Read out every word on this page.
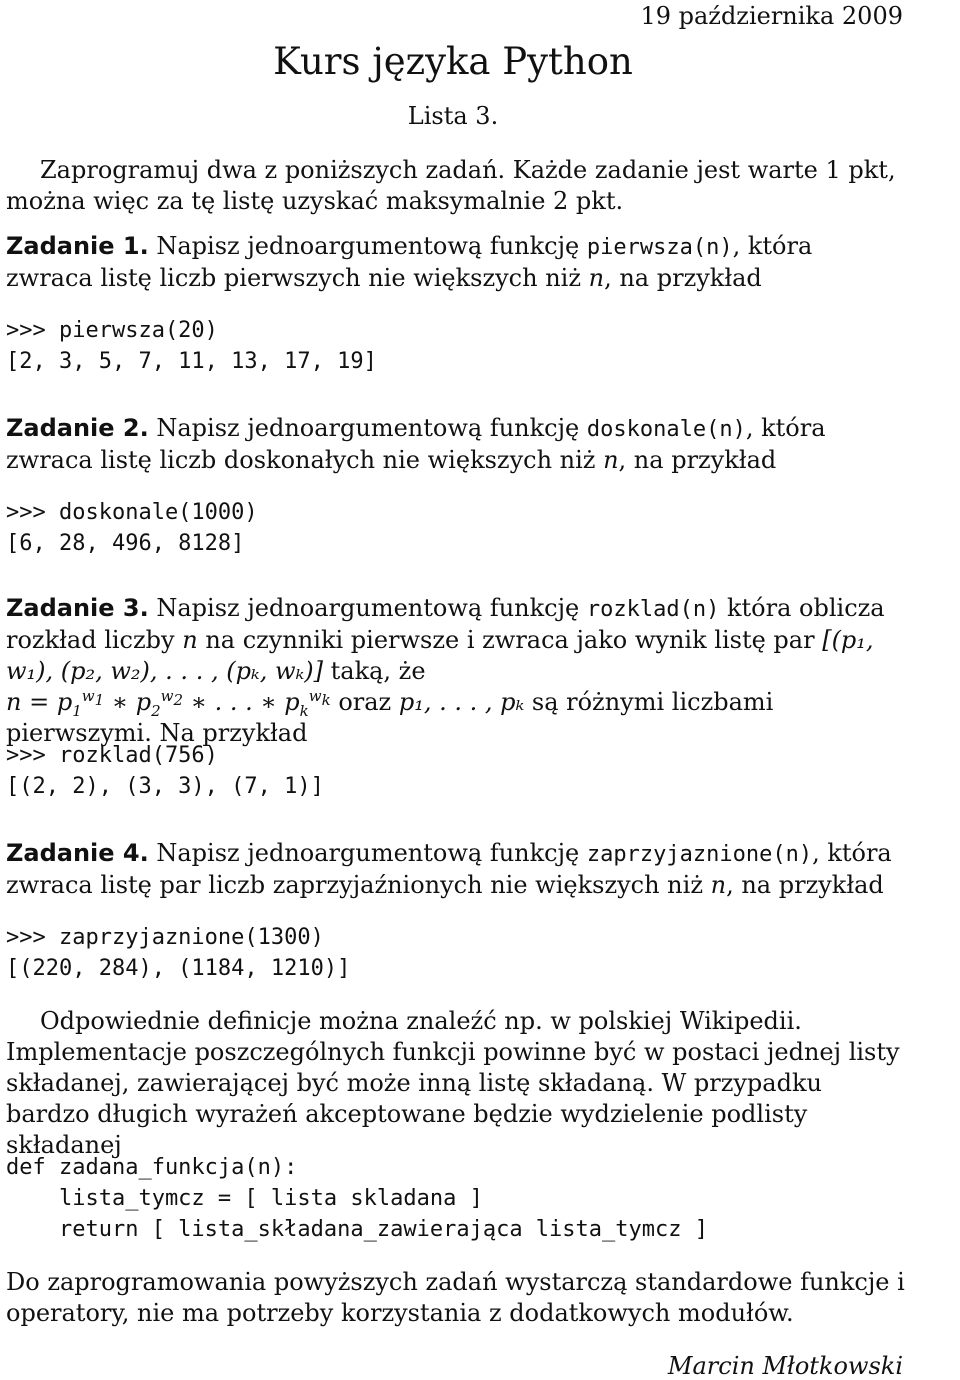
19 października 2009
Kurs języka Python
Lista 3.
Zaprogramuj dwa z poniższych zadań. Każde zadanie jest warte 1 pkt, można więc za tę listę uzyskać maksymalnie 2 pkt.
Zadanie 1. Napisz jednoargumentową funkcję pierwsza(n), która zwraca listę liczb pierwszych nie większych niż n, na przykład
>>> pierwsza(20)
[2, 3, 5, 7, 11, 13, 17, 19]
Zadanie 2. Napisz jednoargumentową funkcję doskonale(n), która zwraca listę liczb doskonałych nie większych niż n, na przykład
>>> doskonale(1000)
[6, 28, 496, 8128]
Zadanie 3. Napisz jednoargumentową funkcję rozklad(n) która oblicza rozkład liczby n na czynniki pierwsze i zwraca jako wynik listę par [(p₁, w₁), (p₂, w₂), . . . , (pₖ, wₖ)] taką, że
$n = p_1^{w_1}$ ∗ $p_2^{w_2}$ ∗ . . . ∗ $p_k^{w_k}$ oraz p₁, . . . , pₖ są różnymi liczbami pierwszymi. Na przykład
>>> rozklad(756)
[(2, 2), (3, 3), (7, 1)]
Zadanie 4. Napisz jednoargumentową funkcję zaprzyjaznione(n), która zwraca listę par liczb zaprzyjaźnionych nie większych niż n, na przykład
>>> zaprzyjaznione(1300)
[(220, 284), (1184, 1210)]
Odpowiednie definicje można znaleźć np. w polskiej Wikipedii. Implementacje poszczególnych funkcji powinne być w postaci jednej listy składanej, zawierającej być może inną listę składaną. W przypadku bardzo długich wyrażeń akceptowane będzie wydzielenie podlisty składanej
def zadana_funkcja(n):
lista_tymcz = [ lista skladana ]
return [ lista_składana_zawierająca lista_tymcz ]
Do zaprogramowania powyższych zadań wystarczą standardowe funkcje i operatory, nie ma potrzeby korzystania z dodatkowych modułów.
Marcin Młotkowski
